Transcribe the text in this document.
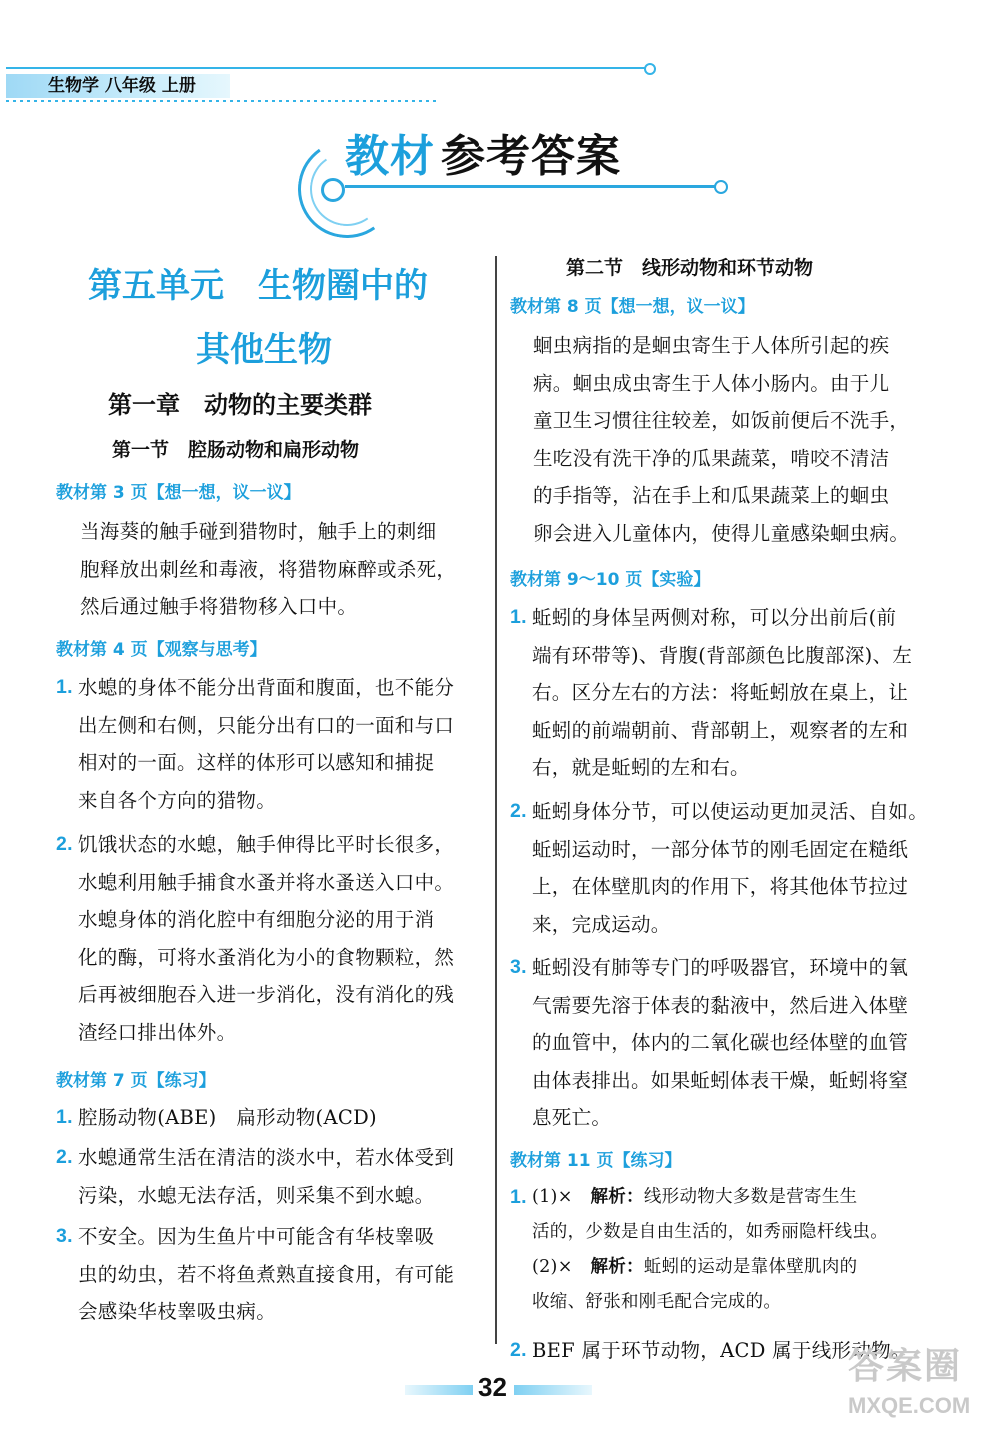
生物学 八年级 上册
教材 参考答案
第五单元　生物圈中的
其他生物
第一章　动物的主要类群
第一节　腔肠动物和扁形动物
教材第 3 页【想一想，议一议】
当海葵的触手碰到猎物时，触手上的刺细
胞释放出刺丝和毒液，将猎物麻醉或杀死，
然后通过触手将猎物移入口中。
教材第 4 页【观察与思考】
1. 水螅的身体不能分出背面和腹面，也不能分
出左侧和右侧，只能分出有口的一面和与口
相对的一面。这样的体形可以感知和捕捉
来自各个方向的猎物。
2. 饥饿状态的水螅，触手伸得比平时长很多，
水螅利用触手捕食水蚤并将水蚤送入口中。
水螅身体的消化腔中有细胞分泌的用于消
化的酶，可将水蚤消化为小的食物颗粒，然
后再被细胞吞入进一步消化，没有消化的残
渣经口排出体外。
教材第 7 页【练习】
1. 腔肠动物(ABE)　扁形动物(ACD)
2. 水螅通常生活在清洁的淡水中，若水体受到
污染，水螅无法存活，则采集不到水螅。
3. 不安全。因为生鱼片中可能含有华枝睾吸
虫的幼虫，若不将鱼煮熟直接食用，有可能
会感染华枝睾吸虫病。
第二节　线形动物和环节动物
教材第 8 页【想一想，议一议】
蛔虫病指的是蛔虫寄生于人体所引起的疾
病。蛔虫成虫寄生于人体小肠内。由于儿
童卫生习惯往往较差，如饭前便后不洗手，
生吃没有洗干净的瓜果蔬菜，啃咬不清洁
的手指等，沾在手上和瓜果蔬菜上的蛔虫
卵会进入儿童体内，使得儿童感染蛔虫病。
教材第 9～10 页【实验】
1. 蚯蚓的身体呈两侧对称，可以分出前后(前
端有环带等)、背腹(背部颜色比腹部深)、左
右。区分左右的方法：将蚯蚓放在桌上，让
蚯蚓的前端朝前、背部朝上，观察者的左和
右，就是蚯蚓的左和右。
2. 蚯蚓身体分节，可以使运动更加灵活、自如。
蚯蚓运动时，一部分体节的刚毛固定在糙纸
上，在体壁肌肉的作用下，将其他体节拉过
来，完成运动。
3. 蚯蚓没有肺等专门的呼吸器官，环境中的氧
气需要先溶于体表的黏液中，然后进入体壁
的血管中，体内的二氧化碳也经体壁的血管
由体表排出。如果蚯蚓体表干燥，蚯蚓将窒
息死亡。
教材第 11 页【练习】
1. (1)×　解析：线形动物大多数是营寄生生
活的，少数是自由生活的，如秀丽隐杆线虫。
(2)×　解析：蚯蚓的运动是靠体壁肌肉的
收缩、舒张和刚毛配合完成的。
2. BEF 属于环节动物，ACD 属于线形动物。
32	答案圈
MXQE.COM
